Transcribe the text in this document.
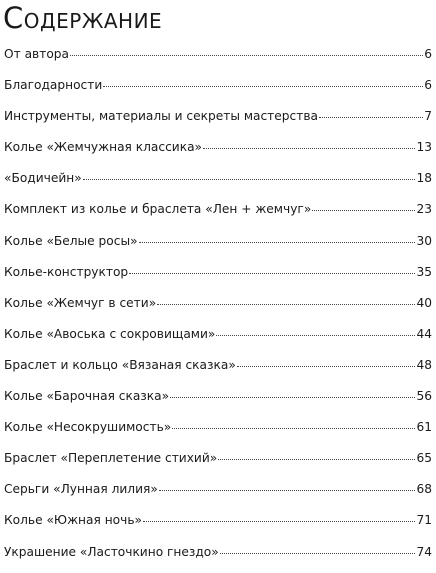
Содержание
От автора	6
Благодарности	6
Инструменты, материалы и секреты мастерства	7
Колье «Жемчужная классика»	13
«Бодичейн»	18
Комплект из колье и браслета «Лен + жемчуг»	23
Колье «Белые росы»	30
Колье-конструктор	35
Колье «Жемчуг в сети»	40
Колье «Авоська с сокровищами»	44
Браслет и кольцо «Вязаная сказка»	48
Колье «Барочная сказка»	56
Колье «Несокрушимость»	61
Браслет «Переплетение стихий»	65
Серьги «Лунная лилия»	68
Колье «Южная ночь»	71
Украшение «Ласточкино гнездо»	74
